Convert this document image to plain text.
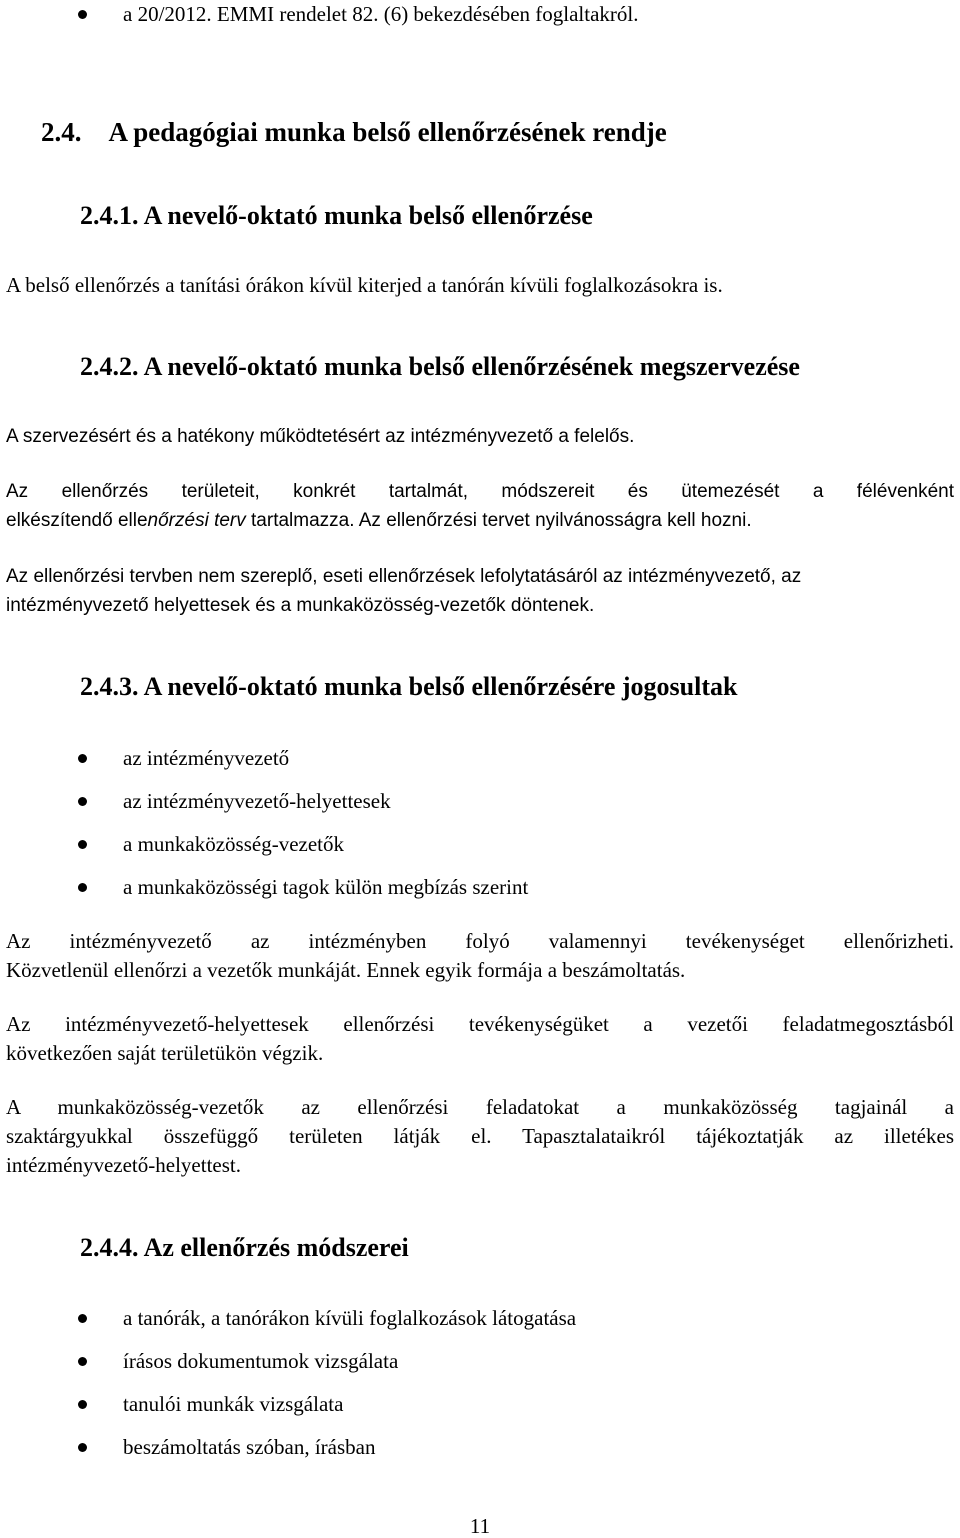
a 20/2012. EMMI rendelet 82. (6) bekezdésében foglaltakról.
2.4.    A pedagógiai munka belső ellenőrzésének rendje
2.4.1. A nevelő-oktató munka belső ellenőrzése
A belső ellenőrzés a tanítási órákon kívül kiterjed a tanórán kívüli foglalkozásokra is.
2.4.2. A nevelő-oktató munka belső ellenőrzésének megszervezése
A szervezésért és a hatékony működtetésért az intézményvezető a felelős.
Az ellenőrzés területeit, konkrét tartalmát, módszereit és ütemezését a félévenként
elkészítendő ellenőrzési terv tartalmazza. Az ellenőrzési tervet nyilvánosságra kell hozni.
Az ellenőrzési tervben nem szereplő, eseti ellenőrzések lefolytatásáról az intézményvezető, az
intézményvezető helyettesek és a munkaközösség-vezetők döntenek.
2.4.3. A nevelő-oktató munka belső ellenőrzésére jogosultak
az intézményvezető
az intézményvezető-helyettesek
a munkaközösség-vezetők
a munkaközösségi tagok külön megbízás szerint
Az intézményvezető az intézményben folyó valamennyi tevékenységet ellenőrizheti.
Közvetlenül ellenőrzi a vezetők munkáját. Ennek egyik formája a beszámoltatás.
Az intézményvezető-helyettesek ellenőrzési tevékenységüket a vezetői feladatmegosztásból
következően saját területükön végzik.
A munkaközösség-vezetők az ellenőrzési feladatokat a munkaközösség tagjainál a
szaktárgyukkal összefüggő területen látják el. Tapasztalataikról tájékoztatják az illetékes
intézményvezető-helyettest.
2.4.4. Az ellenőrzés módszerei
a tanórák, a tanórákon kívüli foglalkozások látogatása
írásos dokumentumok vizsgálata
tanulói munkák vizsgálata
beszámoltatás szóban, írásban
11
